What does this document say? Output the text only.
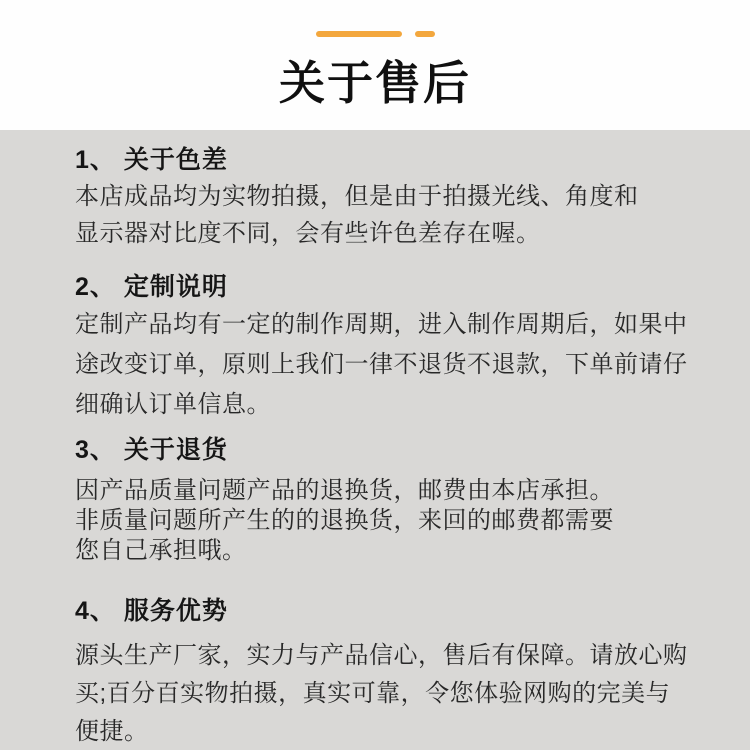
关于售后
1、 关于色差

本店成品均为实物拍摄，但是由于拍摄光线、角度和
显示器对比度不同，会有些许色差存在喔。

2、 定制说明

定制产品均有一定的制作周期，进入制作周期后，如果中
途改变订单，原则上我们一律不退货不退款，下单前请仔
细确认订单信息。

3、 关于退货

因产品质量问题产品的退换货，邮费由本店承担。
非质量问题所产生的的退换货，来回的邮费都需要
您自己承担哦。

4、 服务优势

源头生产厂家，实力与产品信心，售后有保障。请放心购
买;百分百实物拍摄，真实可靠，令您体验网购的完美与
便捷。
